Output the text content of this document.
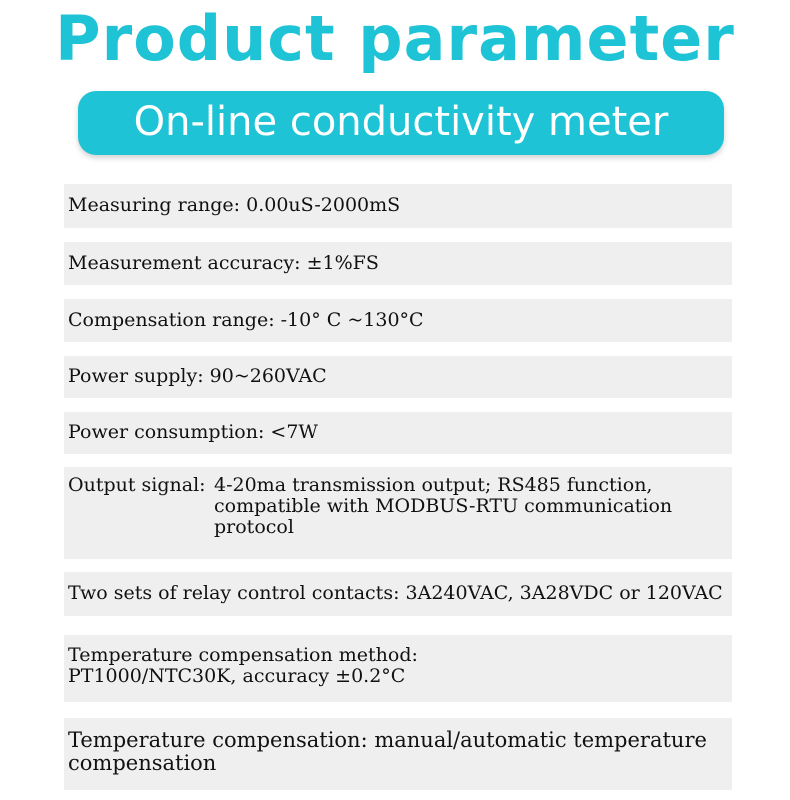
Product parameter
On-line conductivity meter
Measuring range: 0.00uS-2000mS
Measurement accuracy: ±1%FS
Compensation range: -10° C ~130°C
Power supply: 90~260VAC
Power consumption: <7W
Output signal: 4-20ma transmission output; RS485 function,
compatible with MODBUS-RTU communication
protocol
Two sets of relay control contacts: 3A240VAC, 3A28VDC or 120VAC
Temperature compensation method:
PT1000/NTC30K, accuracy ±0.2°C
Temperature compensation: manual/automatic temperature
compensation
